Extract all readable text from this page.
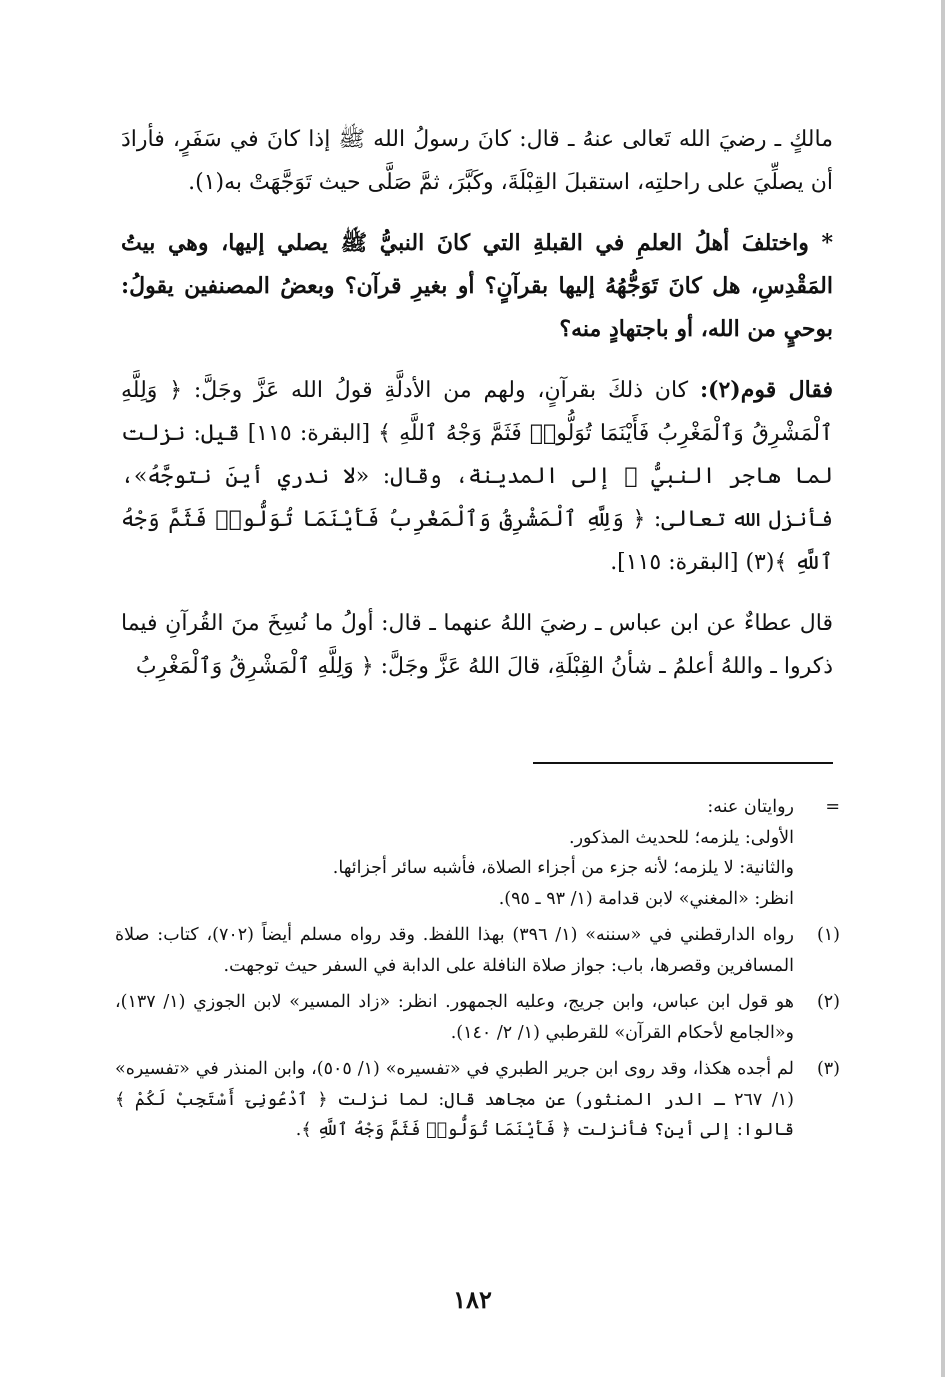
مالكٍ ـ رضيَ الله تَعالى عنهُ ـ قال: كانَ رسولُ الله ﷺ إذا كانَ في سَفَرٍ، فأرادَ أن يصلِّيَ على راحلتِه، استقبلَ القِبْلَةَ، وكَبَّرَ، ثمَّ صَلَّى حيث تَوَجَّهَتْ به(١).

* واختلفَ أهلُ العلمِ في القبلةِ التي كانَ النبيُّ ﷺ يصلي إليها، وهي بيتُ المَقْدِسِ، هل كانَ تَوَجُّهُهُ إليها بقرآنٍ؟ أو بغيرِ قرآن؟ وبعضُ المصنفين يقولُ: بوحيٍ من الله، أو باجتهادٍ منه؟

فقال قوم(٢): كان ذلكَ بقرآنٍ، ولهم من الأدلَّةِ قولُ الله عَزَّ وجَلَّ: ﴿ وَلِلَّهِ ٱلْمَشْرِقُ وَٱلْمَغْرِبُ فَأَيْنَمَا تُوَلُّوا۟ فَثَمَّ وَجْهُ ٱللَّهِ ﴾ [البقرة: ١١٥] قيل: نزلت لما هاجر النبيُّ ﷺ إلى المدينة، وقال: «لا ندري أينَ نتوجَّهُ»، فأنزل الله تعالى: ﴿ وَلِلَّهِ ٱلْمَشْرِقُ وَٱلْمَغْرِبُ فَأَيْنَمَا تُوَلُّوا۟ فَثَمَّ وَجْهُ ٱللَّهِ ﴾(٣) [البقرة: ١١٥].

قال عطاءٌ عن ابن عباس ـ رضيَ اللهُ عنهما ـ قال: أولُ ما نُسِخَ منَ القُرآنِ فيما ذكروا ـ واللهُ أعلمُ ـ شأنُ القِبْلَةِ، قالَ اللهُ عَزَّ وجَلَّ: ﴿ وَلِلَّهِ ٱلْمَشْرِقُ وَٱلْمَغْرِبُ

=
روايتان عنه:
الأولى: يلزمه؛ للحديث المذكور.
والثانية: لا يلزمه؛ لأنه جزء من أجزاء الصلاة، فأشبه سائر أجزائها.
انظر: «المغني» لابن قدامة (١/ ٩٣ ـ ٩٥).
(١)
رواه الدارقطني في «سننه» (١/ ٣٩٦) بهذا اللفظ. وقد رواه مسلم أيضاً (٧٠٢)، كتاب: صلاة المسافرين وقصرها، باب: جواز صلاة النافلة على الدابة في السفر حيث توجهت.
(٢)
هو قول ابن عباس، وابن جريج، وعليه الجمهور. انظر: «زاد المسير» لابن الجوزي (١/ ١٣٧)، و«الجامع لأحكام القرآن» للقرطبي (١/ ٢/ ١٤٠).
(٣)
لم أجده هكذا، وقد روى ابن جرير الطبري في «تفسيره» (١/ ٥٠٥)، وابن المنذر في «تفسيره» (١/ ٢٦٧ ـ الدر المنثور) عن مجاهد قال: لما نزلت ﴿ ٱدْعُونِىٓ أَسْتَجِبْ لَكُمْ ﴾ قالوا: إلى أين؟ فأنزلت ﴿ فَأَيْنَمَا تُوَلُّوا۟ فَثَمَّ وَجْهُ ٱللَّهِ ﴾.
١٨٢
